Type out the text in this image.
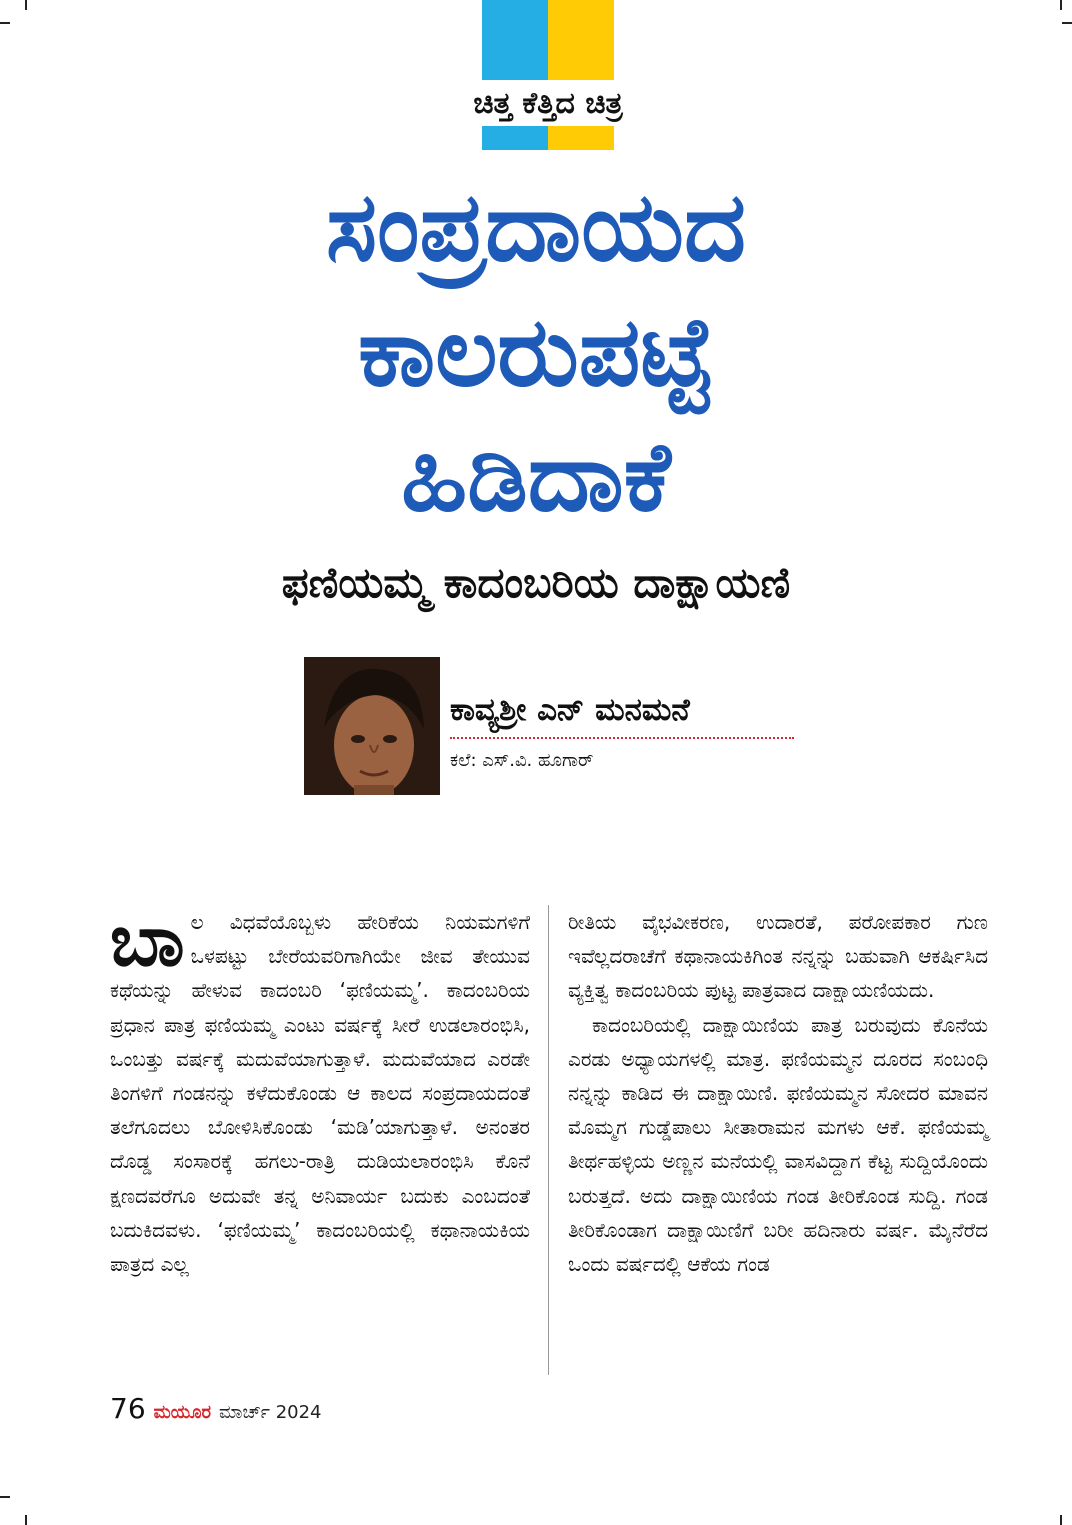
ಚಿತ್ತ ಕೆತ್ತಿದ ಚಿತ್ರ
ಸಂಪ್ರದಾಯದ
ಕಾಲರುಪಟ್ಟೆ
ಹಿಡಿದಾಕೆ
ಫಣಿಯಮ್ಮ ಕಾದಂಬರಿಯ ದಾಕ್ಷಾಯಣಿ
ಕಾವ್ಯಶ್ರೀ ಎನ್ ಮನಮನೆ
ಕಲೆ: ಎಸ್.ವಿ. ಹೂಗಾರ್

ಬಾಲ ವಿಧವೆಯೊಬ್ಬಳು ಹೇರಿಕೆಯ ನಿಯಮಗಳಿಗೆ ಒಳಪಟ್ಟು ಬೇರೆಯವರಿಗಾಗಿಯೇ ಜೀವ ತೇಯುವ ಕಥೆಯನ್ನು ಹೇಳುವ ಕಾದಂಬರಿ ‘ಫಣಿಯಮ್ಮ’. ಕಾದಂಬರಿಯ ಪ್ರಧಾನ ಪಾತ್ರ ಫಣಿಯಮ್ಮ ಎಂಟು ವರ್ಷಕ್ಕೆ ಸೀರೆ ಉಡಲಾರಂಭಿಸಿ, ಒಂಬತ್ತು ವರ್ಷಕ್ಕೆ ಮದುವೆಯಾಗುತ್ತಾಳೆ. ಮದುವೆಯಾದ ಎರಡೇ ತಿಂಗಳಿಗೆ ಗಂಡನನ್ನು ಕಳೆದುಕೊಂಡು ಆ ಕಾಲದ ಸಂಪ್ರದಾಯದಂತೆ ತಲೆಗೂದಲು ಬೋಳಿಸಿಕೊಂಡು ‘ಮಡಿ’ಯಾಗುತ್ತಾಳೆ. ಅನಂತರ ದೊಡ್ಡ ಸಂಸಾರಕ್ಕೆ ಹಗಲು-ರಾತ್ರಿ ದುಡಿಯಲಾರಂಭಿಸಿ ಕೊನೆ ಕ್ಷಣದವರೆಗೂ ಅದುವೇ ತನ್ನ ಅನಿವಾರ್ಯ ಬದುಕು ಎಂಬದಂತೆ ಬದುಕಿದವಳು. ‘ಫಣಿಯಮ್ಮ’ ಕಾದಂಬರಿಯಲ್ಲಿ ಕಥಾನಾಯಕಿಯ ಪಾತ್ರದ ಎಲ್ಲ

ರೀತಿಯ ವೈಭವೀಕರಣ, ಉದಾರತೆ, ಪರೋಪಕಾರ ಗುಣ ಇವೆಲ್ಲದರಾಚೆಗೆ ಕಥಾನಾಯಕಿಗಿಂತ ನನ್ನನ್ನು ಬಹುವಾಗಿ ಆಕರ್ಷಿಸಿದ ವ್ಯಕ್ತಿತ್ವ ಕಾದಂಬರಿಯ ಪುಟ್ಟ ಪಾತ್ರವಾದ ದಾಕ್ಷಾಯಣಿಯದು.

ಕಾದಂಬರಿಯಲ್ಲಿ ದಾಕ್ಷಾಯಿಣಿಯ ಪಾತ್ರ ಬರುವುದು ಕೊನೆಯ ಎರಡು ಅಧ್ಯಾಯಗಳಲ್ಲಿ ಮಾತ್ರ. ಫಣಿಯಮ್ಮನ ದೂರದ ಸಂಬಂಧಿ ನನ್ನನ್ನು ಕಾಡಿದ ಈ ದಾಕ್ಷಾಯಿಣಿ. ಫಣಿಯಮ್ಮನ ಸೋದರ ಮಾವನ ಮೊಮ್ಮಗ ಗುಡ್ಡೆಪಾಲು ಸೀತಾರಾಮನ ಮಗಳು ಆಕೆ. ಫಣಿಯಮ್ಮ ತೀರ್ಥಹಳ್ಳಿಯ ಅಣ್ಣನ ಮನೆಯಲ್ಲಿ ವಾಸವಿದ್ದಾಗ ಕೆಟ್ಟ ಸುದ್ದಿಯೊಂದು ಬರುತ್ತದೆ. ಅದು ದಾಕ್ಷಾಯಿಣಿಯ ಗಂಡ ತೀರಿಕೊಂಡ ಸುದ್ದಿ. ಗಂಡ ತೀರಿಕೊಂಡಾಗ ದಾಕ್ಷಾಯಿಣಿಗೆ ಬರೀ ಹದಿನಾರು ವರ್ಷ. ಮೈನೆರೆದ ಒಂದು ವರ್ಷದಲ್ಲಿ ಆಕೆಯ ಗಂಡ

76 ಮಯೂರ ಮಾರ್ಚ್ 2024
